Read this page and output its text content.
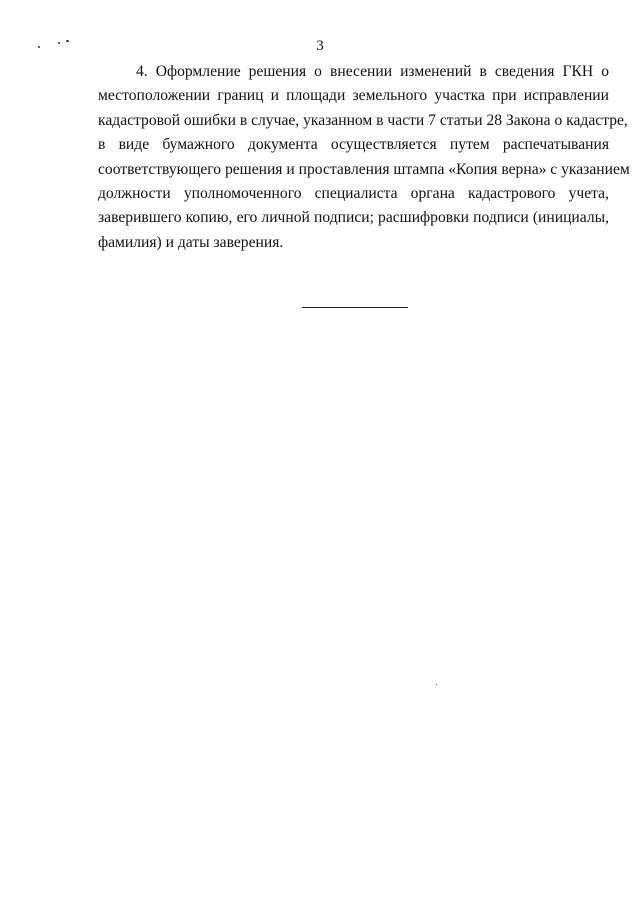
3
4. Оформление решения о внесении изменений в сведения ГКН о
местоположении границ и площади земельного участка при исправлении
кадастровой ошибки в случае, указанном в части 7 статьи 28 Закона о кадастре,
в виде бумажного документа осуществляется путем распечатывания
соответствующего решения и проставления штампа «Копия верна» с указанием
должности уполномоченного специалиста органа кадастрового учета,
заверившего копию, его личной подписи; расшифровки подписи (инициалы,
фамилия) и даты заверения.
